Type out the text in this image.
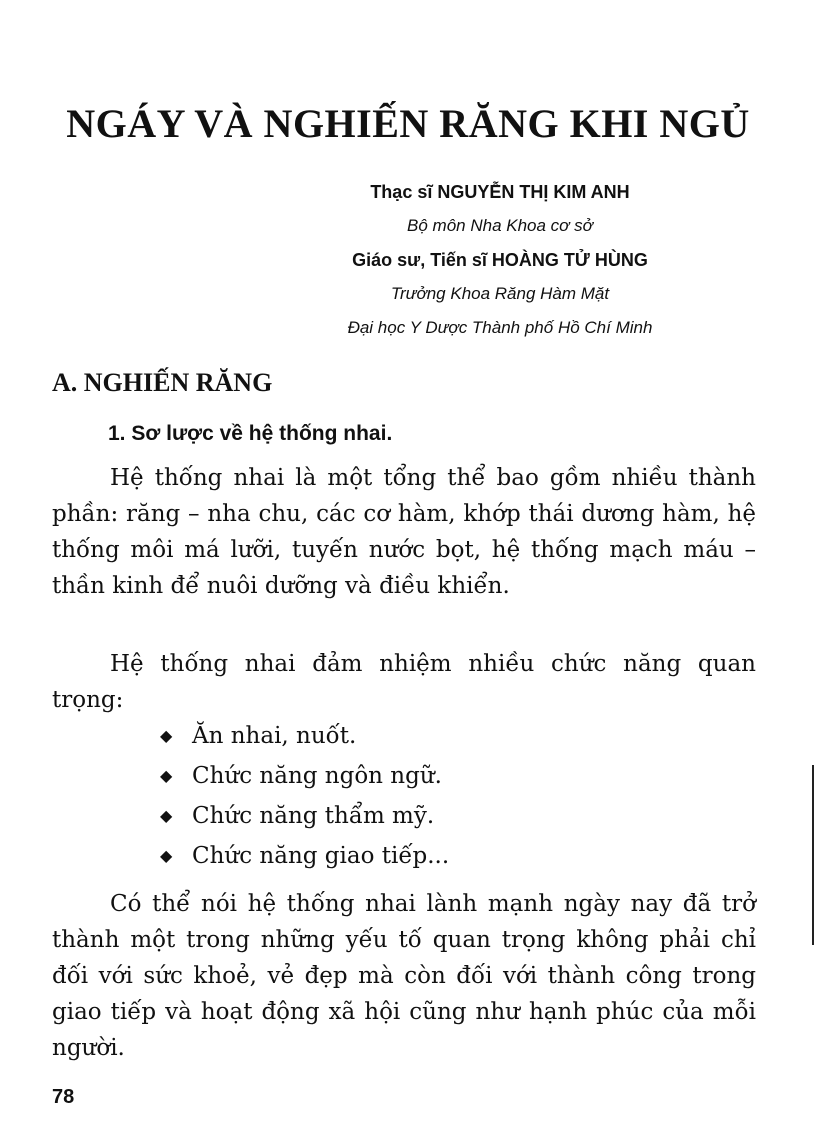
NGÁY VÀ NGHIẾN RĂNG KHI NGỦ
Thạc sĩ NGUYỄN THỊ KIM ANH
Bộ môn Nha Khoa cơ sở
Giáo sư, Tiến sĩ HOÀNG TỬ HÙNG
Trưởng Khoa Răng Hàm Mặt
Đại học Y Dược Thành phố Hồ Chí Minh
A. NGHIẾN RĂNG
1. Sơ lược về hệ thống nhai.

Hệ thống nhai là một tổng thể bao gồm nhiều thành phần: răng – nha chu, các cơ hàm, khớp thái dương hàm, hệ thống môi má lưỡi, tuyến nước bọt, hệ thống mạch máu – thần kinh để nuôi dưỡng và điều khiển.

Hệ thống nhai đảm nhiệm nhiều chức năng quan trọng:

◆ Ăn nhai, nuốt.
◆ Chức năng ngôn ngữ.
◆ Chức năng thẩm mỹ.
◆ Chức năng giao tiếp...

Có thể nói hệ thống nhai lành mạnh ngày nay đã trở thành một trong những yếu tố quan trọng không phải chỉ đối với sức khoẻ, vẻ đẹp mà còn đối với thành công trong giao tiếp và hoạt động xã hội cũng như hạnh phúc của mỗi người.

78
